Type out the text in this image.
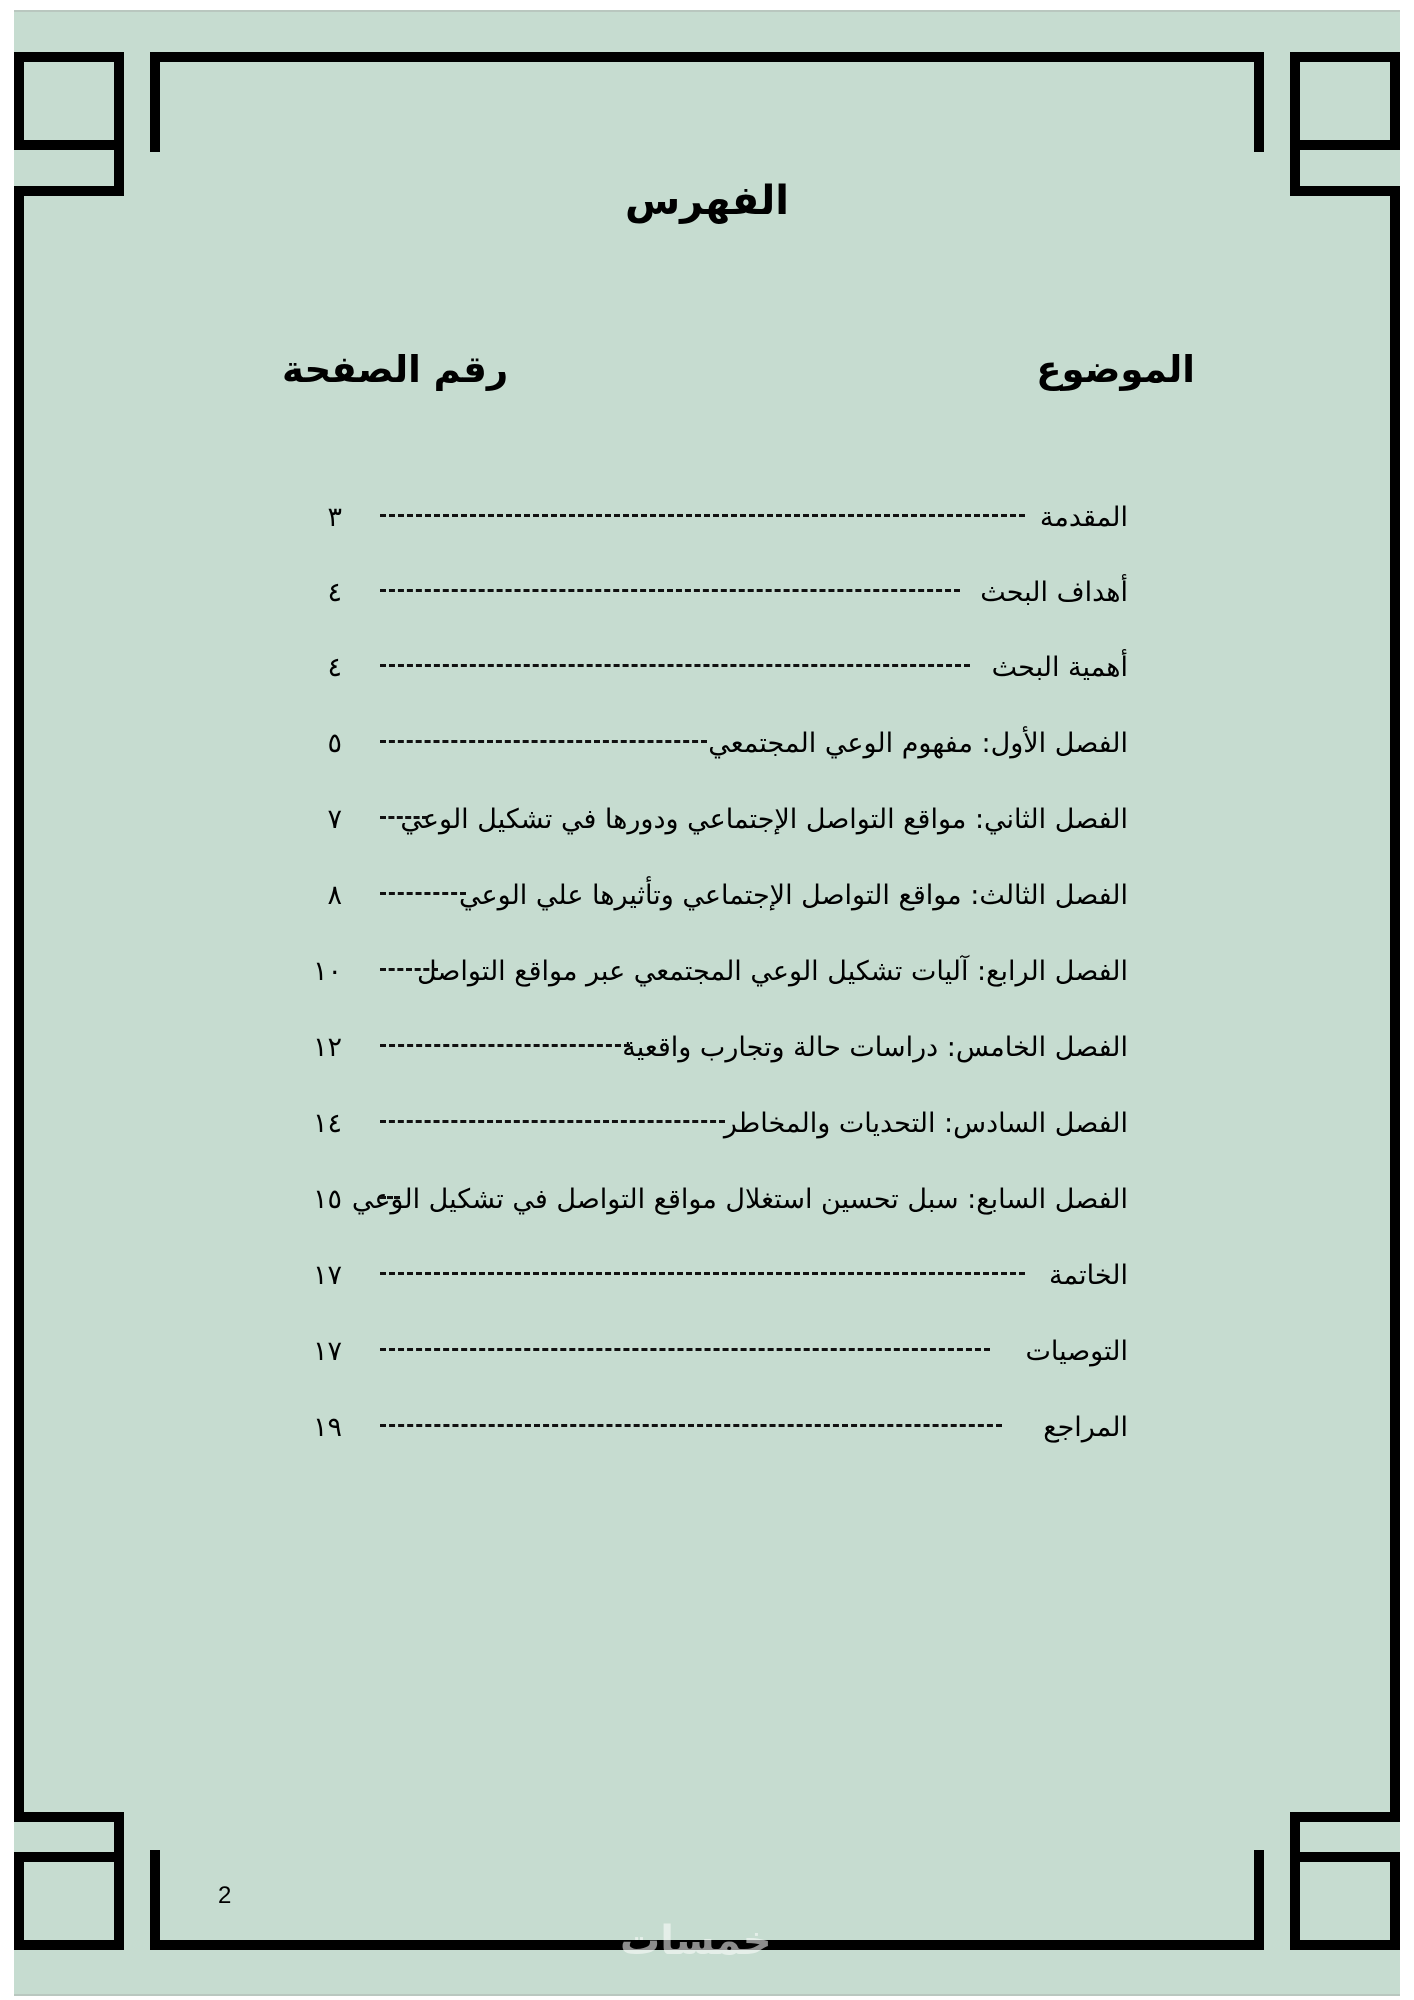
الفهرس
الموضوع
رقم الصفحة
المقدمة
٣
أهداف البحث
٤
أهمية البحث
٤
الفصل الأول: مفهوم الوعي المجتمعي
٥
الفصل الثاني: مواقع التواصل الإجتماعي ودورها في تشكيل الوعي
٧
الفصل الثالث: مواقع التواصل الإجتماعي وتأثيرها علي الوعي
٨
الفصل الرابع: آليات تشكيل الوعي المجتمعي عبر مواقع التواصل
١٠
الفصل الخامس: دراسات حالة وتجارب واقعية
١٢
الفصل السادس: التحديات والمخاطر
١٤
الفصل السابع: سبل تحسين استغلال مواقع التواصل في تشكيل الوعي
١٥
الخاتمة
١٧
التوصيات
١٧
المراجع
١٩
2
خمسات
